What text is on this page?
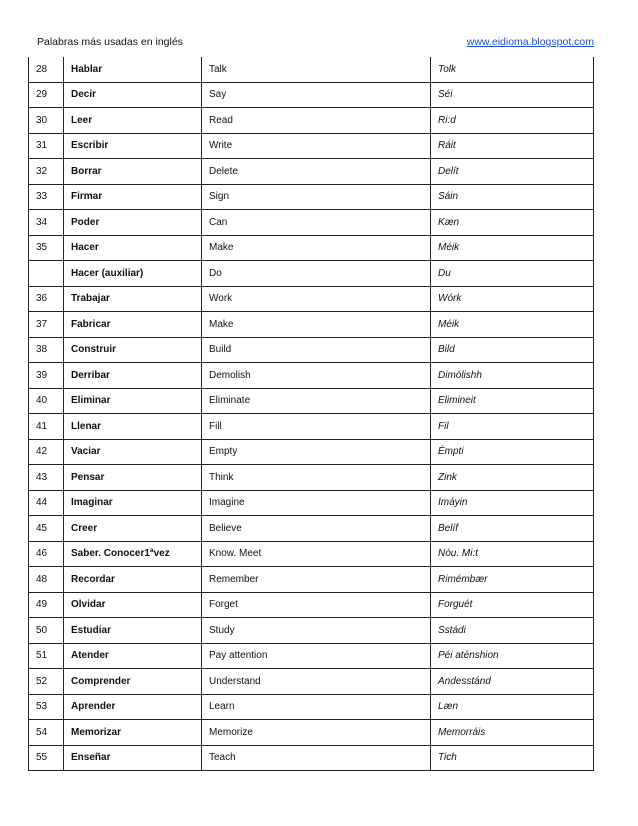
Palabras más usadas en inglés	www.eidioma.blogspot.com
28	Hablar	Talk	Tolk
29	Decir	Say	Séi
30	Leer	Read	Ri:d
31	Escribir	Write	Ráit
32	Borrar	Delete	Delít
33	Firmar	Sign	Sáin
34	Poder	Can	Kæn
35	Hacer	Make	Méik
	Hacer (auxiliar)	Do	Du
36	Trabajar	Work	Wórk
37	Fabricar	Make	Méik
38	Construir	Build	Bild
39	Derribar	Demolish	Dimólishh
40	Eliminar	Eliminate	Elimineit
41	Llenar	Fill	Fil
42	Vaciar	Empty	Émpti
43	Pensar	Think	Zink
44	Imaginar	Imagine	Imáyin
45	Creer	Believe	Belíf
46	Saber. Conocer1ªvez	Know. Meet	Nóu. Mi:t
48	Recordar	Remember	Rimémbær
49	Olvidar	Forget	Forguét
50	Estudiar	Study	Sstádi
51	Atender	Pay attention	Péi aténshion
52	Comprender	Understand	Andesstánd
53	Aprender	Learn	Læn
54	Memorizar	Memorize	Memorráis
55	Enseñar	Teach	Tich
